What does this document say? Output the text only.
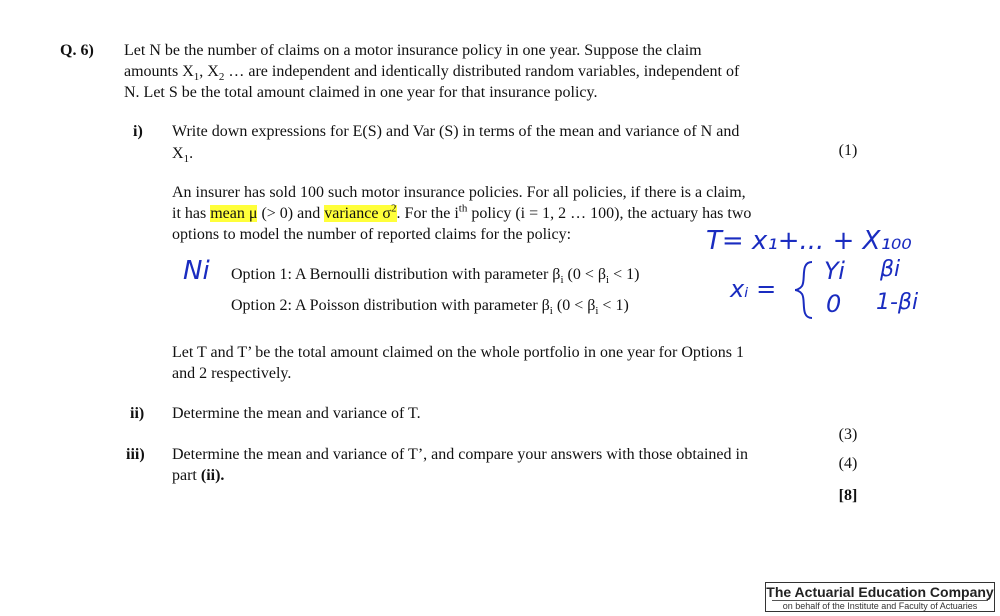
Q. 6) Let N be the number of claims on a motor insurance policy in one year. Suppose the claim
amounts $X_1$, $X_2$ … are independent and identically distributed random variables, independent of
N. Let S be the total amount claimed in one year for that insurance policy.
i) Write down expressions for E(S) and Var (S) in terms of the mean and variance of N and
$X_1$.	(1)
An insurer has sold 100 such motor insurance policies. For all policies, if there is a claim,
it has mean μ (> 0) and variance $\sigma^2$. For the $i^{th}$ policy (i = 1, 2 … 100), the actuary has two
options to model the number of reported claims for the policy:
Option 1: A Bernoulli distribution with parameter $\beta_i$ $(0 < \beta_i < 1)$
Option 2: A Poisson distribution with parameter $\beta_i$ $(0 < \beta_i < 1)$
Let T and T’ be the total amount claimed on the whole portfolio in one year for Options 1
and 2 respectively.
ii) Determine the mean and variance of T.
(3)
(4)
[8]
iii) Determine the mean and variance of T’, and compare your answers with those obtained in
part (ii).
Ni
T= x₁+... + X₁₀₀
xᵢ =
Yi
0
βi
1-βi
The Actuarial Education Company
on behalf of the Institute and Faculty of Actuaries
